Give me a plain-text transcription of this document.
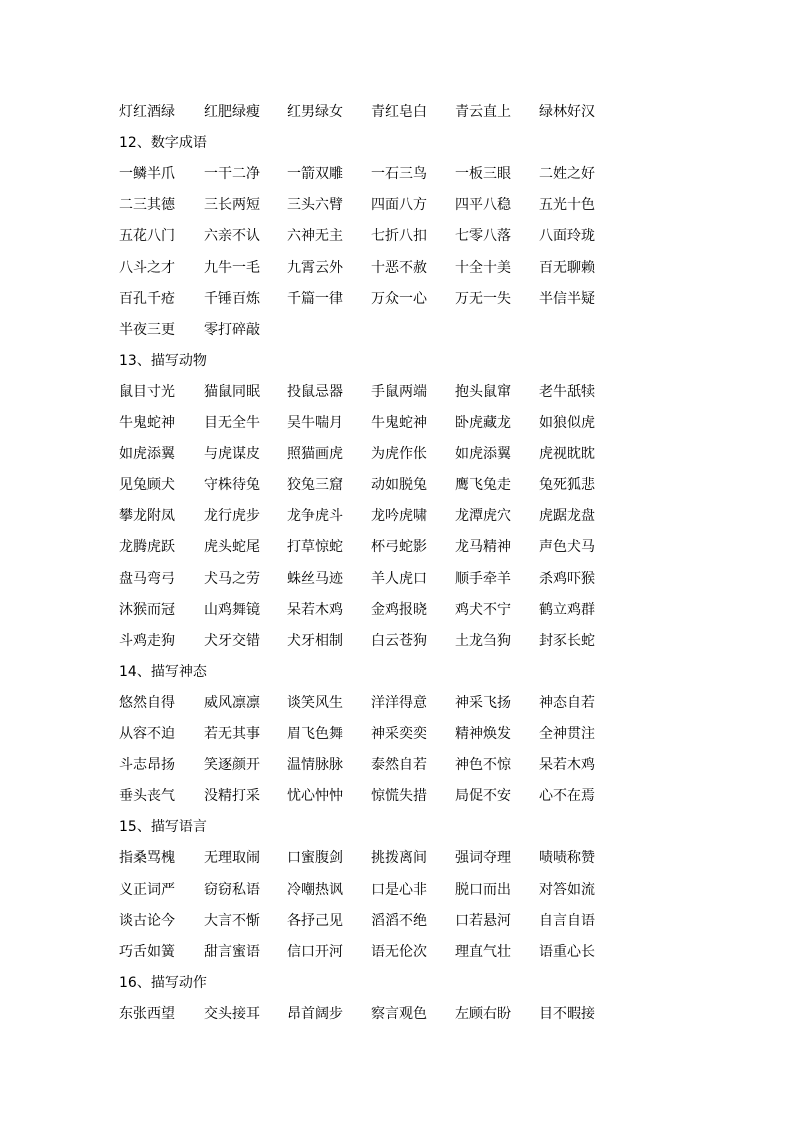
灯红酒绿 红肥绿瘦 红男绿女 青红皂白 青云直上 绿林好汉
12、数字成语
一鳞半爪 一干二净 一箭双雕 一石三鸟 一板三眼 二姓之好
二三其德 三长两短 三头六臂 四面八方 四平八稳 五光十色
五花八门 六亲不认 六神无主 七折八扣 七零八落 八面玲珑
八斗之才 九牛一毛 九霄云外 十恶不赦 十全十美 百无聊赖
百孔千疮 千锤百炼 千篇一律 万众一心 万无一失 半信半疑
半夜三更 零打碎敲
13、描写动物
鼠目寸光 猫鼠同眠 投鼠忌器 手鼠两端 抱头鼠窜 老牛舐犊
牛鬼蛇神 目无全牛 吴牛喘月 牛鬼蛇神 卧虎藏龙 如狼似虎
如虎添翼 与虎谋皮 照猫画虎 为虎作伥 如虎添翼 虎视眈眈
见兔顾犬 守株待兔 狡兔三窟 动如脱兔 鹰飞兔走 兔死狐悲
攀龙附凤 龙行虎步 龙争虎斗 龙吟虎啸 龙潭虎穴 虎踞龙盘
龙腾虎跃 虎头蛇尾 打草惊蛇 杯弓蛇影 龙马精神 声色犬马
盘马弯弓 犬马之劳 蛛丝马迹 羊人虎口 顺手牵羊 杀鸡吓猴
沐猴而冠 山鸡舞镜 呆若木鸡 金鸡报晓 鸡犬不宁 鹤立鸡群
斗鸡走狗 犬牙交错 犬牙相制 白云苍狗 土龙刍狗 封豕长蛇
14、描写神态
悠然自得 威风凛凛 谈笑风生 洋洋得意 神采飞扬 神态自若
从容不迫 若无其事 眉飞色舞 神采奕奕 精神焕发 全神贯注
斗志昂扬 笑逐颜开 温情脉脉 泰然自若 神色不惊 呆若木鸡
垂头丧气 没精打采 忧心忡忡 惊慌失措 局促不安 心不在焉
15、描写语言
指桑骂槐 无理取闹 口蜜腹剑 挑拨离间 强词夺理 啧啧称赞
义正词严 窃窃私语 冷嘲热讽 口是心非 脱口而出 对答如流
谈古论今 大言不惭 各抒己见 滔滔不绝 口若悬河 自言自语
巧舌如簧 甜言蜜语 信口开河 语无伦次 理直气壮 语重心长
16、描写动作
东张西望 交头接耳 昂首阔步 察言观色 左顾右盼 目不暇接
